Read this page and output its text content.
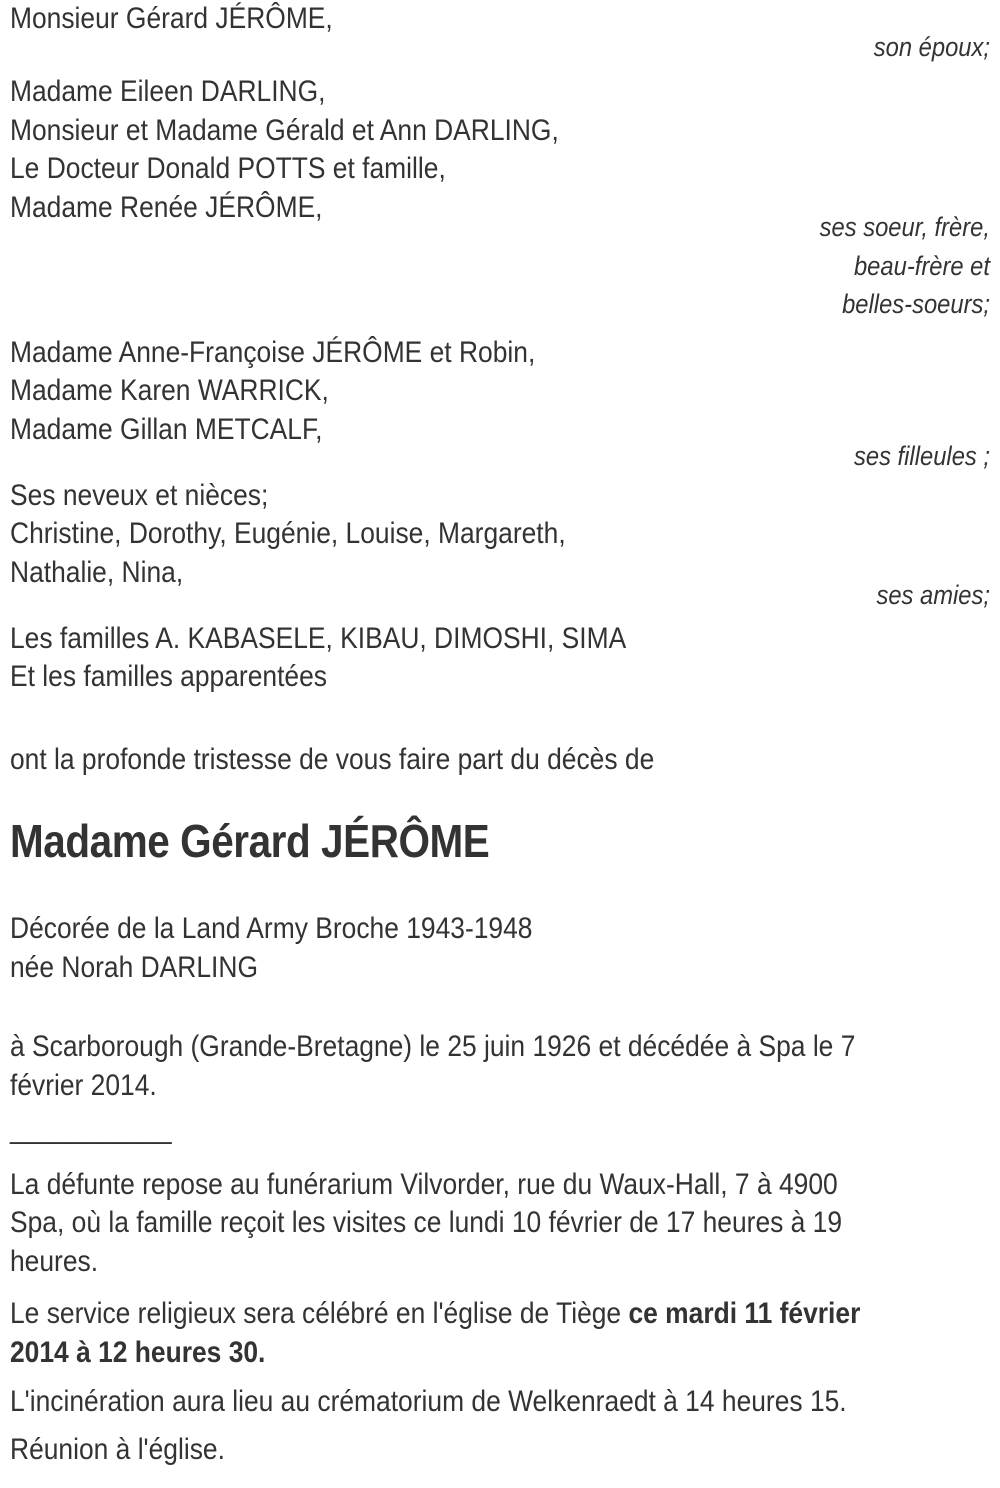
Monsieur Gérard JÉRÔME,
son époux;
Madame Eileen DARLING,
Monsieur et Madame Gérald et Ann DARLING,
Le Docteur Donald POTTS et famille,
Madame Renée JÉRÔME,
ses soeur, frère,
beau-frère et
belles-soeurs;
Madame Anne-Françoise JÉRÔME et Robin,
Madame Karen WARRICK,
Madame Gillan METCALF,
ses filleules ;
Ses neveux et nièces;
Christine, Dorothy, Eugénie, Louise, Margareth,
Nathalie, Nina,
ses amies;
Les familles A. KABASELE, KIBAU, DIMOSHI, SIMA
Et les familles apparentées
ont la profonde tristesse de vous faire part du décès de
Madame Gérard JÉRÔME
Décorée de la Land Army Broche 1943-1948
née Norah DARLING
à Scarborough (Grande-Bretagne) le 25 juin 1926 et décédée à Spa le 7
février 2014.
___________
La défunte repose au funérarium Vilvorder, rue du Waux-Hall, 7 à 4900
Spa, où la famille reçoit les visites ce lundi 10 février de 17 heures à 19
heures.
Le service religieux sera célébré en l'église de Tiège ce mardi 11 février
2014 à 12 heures 30.
L'incinération aura lieu au crématorium de Welkenraedt à 14 heures 15.
Réunion à l'église.
